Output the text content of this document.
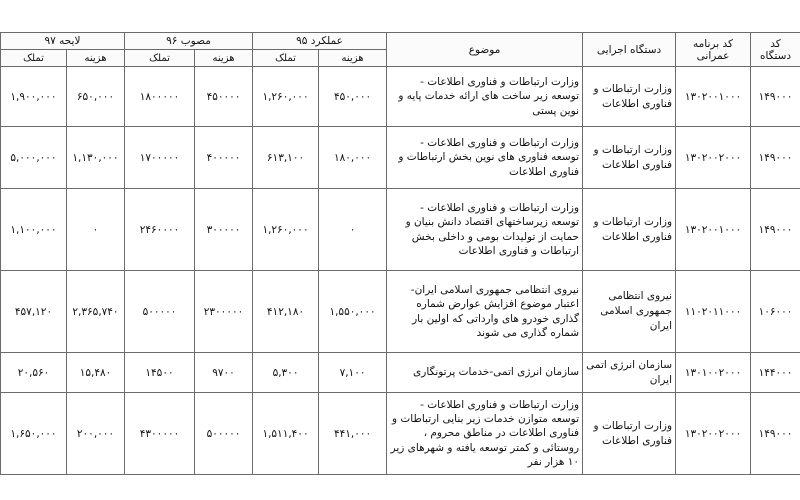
کد دستگاه	کد برنامه عمرانی	دستگاه اجرایی	موضوع	عملکرد ۹۵		مصوب ۹۶		لایحه ۹۷	
				هزینه	تملک	هزینه	تملک	هزینه	تملک
۱۴۹۰۰۰	۱۳۰۲۰۰۱۰۰۰	وزارت ارتباطات و فناوری اطلاعات	وزارت ارتباطات و فناوری اطلاعات - توسعه زیر ساخت های ارائه خدمات پایه و نوین پستی	۴۵۰,۰۰۰	۱,۲۶۰,۰۰۰	۴۵۰۰۰۰	۱۸۰۰۰۰۰	۶۵۰,۰۰۰	۱,۹۰۰,۰۰۰
۱۴۹۰۰۰	۱۳۰۲۰۰۲۰۰۰	وزارت ارتباطات و فناوری اطلاعات	وزارت ارتباطات و فناوری اطلاعات - توسعه فناوری های نوین بخش ارتباطات و فناوری اطلاعات	۱۸۰,۰۰۰	۶۱۳,۱۰۰	۴۰۰۰۰۰	۱۷۰۰۰۰۰	۱,۱۳۰,۰۰۰	۵,۰۰۰,۰۰۰
۱۴۹۰۰۰	۱۳۰۲۰۰۱۰۰۰	وزارت ارتباطات و فناوری اطلاعات	وزارت ارتباطات و فناوری اطلاعات - توسعه زیرساختهای اقتصاد دانش بنیان و حمایت از تولیدات بومی و داخلی بخش ارتباطات و فناوری اطلاعات	۰	۱,۲۶۰,۰۰۰	۳۰۰۰۰۰	۲۴۶۰۰۰۰	۰	۱,۱۰۰,۰۰۰
۱۰۶۰۰۰	۱۱۰۲۰۱۱۰۰۰	نیروی انتظامی جمهوری اسلامی ایران	نیروی انتظامی جمهوری اسلامی ایران-اعتبار موضوع افزایش عوارض شماره گذاری خودرو های وارداتی که اولین بار شماره گذاری می شوند	۱,۵۵۰,۰۰۰	۴۱۲,۱۸۰	۲۳۰۰۰۰۰	۵۰۰۰۰۰	۲,۳۶۵,۷۴۰	۴۵۷,۱۲۰
۱۴۴۰۰۰	۱۳۰۱۰۰۲۰۰۰	سازمان انرژی اتمی ایران	سازمان انرژی اتمی-خدمات پرتونگاری	۷,۱۰۰	۵,۳۰۰	۹۷۰۰	۱۴۵۰۰	۱۵,۴۸۰	۲۰,۵۶۰
۱۴۹۰۰۰	۱۳۰۲۰۰۲۰۰۰	وزارت ارتباطات و فناوری اطلاعات	وزارت ارتباطات و فناوری اطلاعات - توسعه متوازن خدمات زیر بنایی ارتباطات و فناوری اطلاعات در مناطق محروم ، روستائی و کمتر توسعه یافته و شهرهای زیر ۱۰ هزار نفر	۴۴۱,۰۰۰	۱,۵۱۱,۴۰۰	۵۰۰۰۰۰	۴۳۰۰۰۰۰	۲۰۰,۰۰۰	۱,۶۵۰,۰۰۰
